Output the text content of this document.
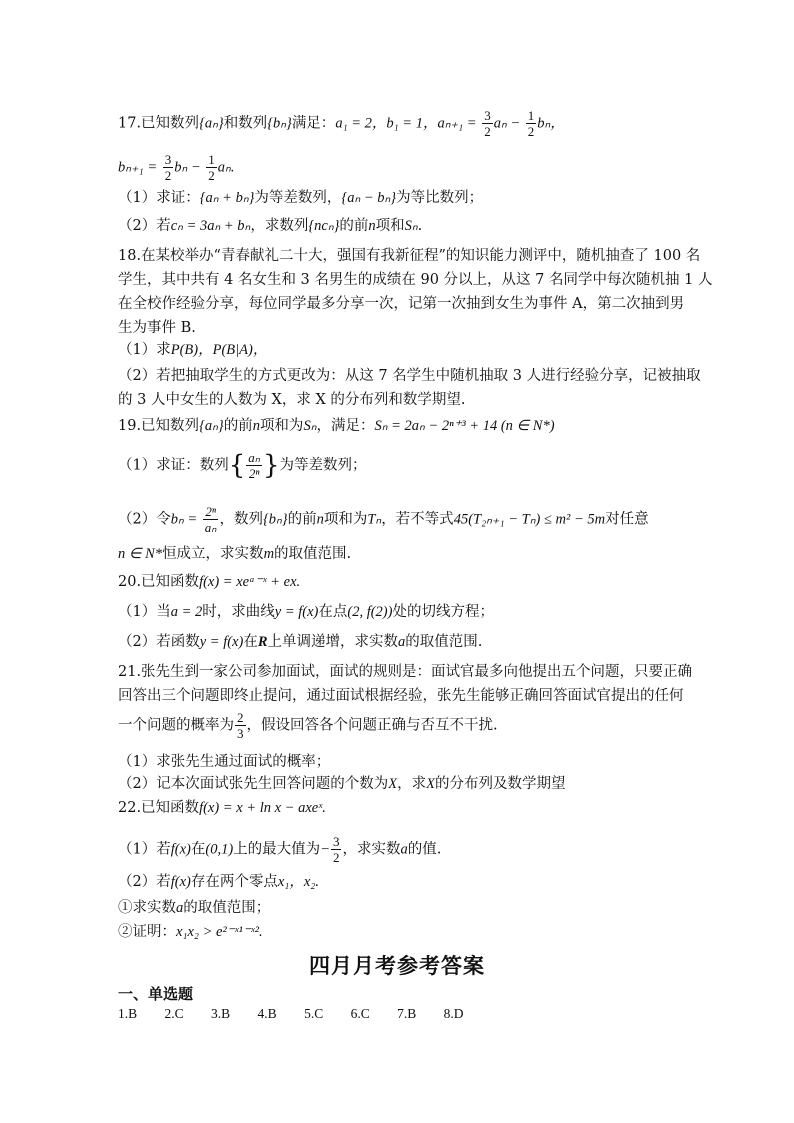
17.已知数列{aₙ}和数列{bₙ}满足：a₁ = 2，b₁ = 1，$a_{n+1} = \frac{3}{2}$ $a_n - \frac{1}{2}$ bₙ，
$b_{n+1} = \frac{3}{2}$ $b_n - \frac{1}{2} a_n$.
（1）求证：{aₙ + bₙ}为等差数列，{aₙ − bₙ}为等比数列；
（2）若cₙ = 3aₙ + bₙ，求数列{ncₙ}的前n项和Sₙ.
18.在某校举办“青春献礼二十大，强国有我新征程”的知识能力测评中，随机抽查了 100 名
学生，其中共有 4 名女生和 3 名男生的成绩在 90 分以上，从这 7 名同学中每次随机抽 1 人
在全校作经验分享，每位同学最多分享一次，记第一次抽到女生为事件 A，第二次抽到男
生为事件 B.
（1）求P(B)，P(B|A)，
（2）若把抽取学生的方式更改为：从这 7 名学生中随机抽取 3 人进行经验分享，记被抽取
的 3 人中女生的人数为 X，求 X 的分布列和数学期望.
19.已知数列{aₙ}的前n项和为Sₙ，满足：Sₙ = 2aₙ − 2ⁿ⁺³ + 14 (n ∈ N*)
（1）求证：数列{ $\frac{\text{aₙ}}{\text{2ⁿ}}$ }为等差数列；
（2）令$b_n = \frac{\text{2ⁿ}}{\text{aₙ}}$ ，数列{bₙ}的前n项和为Tₙ，若不等式45(T₂ₙ₊₁ − Tₙ) ≤ m² − 5m对任意
n ∈ N*恒成立，求实数m的取值范围.
20.已知函数f(x) = xeᵃ⁻ˣ + ex.
（1）当a = 2时，求曲线y = f(x)在点(2, f(2))处的切线方程；
（2）若函数y = f(x)在R上单调递增，求实数a的取值范围.
21.张先生到一家公司参加面试，面试的规则是：面试官最多向他提出五个问题，只要正确
回答出三个问题即终止提问，通过面试根据经验，张先生能够正确回答面试官提出的任何
一个问题的概率为 $\frac{2}{3}$ ，假设回答各个问题正确与否互不干扰.
（1）求张先生通过面试的概率；
（2）记本次面试张先生回答问题的个数为X，求X的分布列及数学期望
22.已知函数f(x) = x + ln x − axeˣ.
（1）若f(x)在(0,1)上的最大值为− $\frac{3}{2}$ ，求实数a的值.
（2）若f(x)存在两个零点x₁，x₂.
①求实数a的取值范围；
②证明：x₁x₂ > e²⁻ˣ¹⁻ˣ².
四月月考参考答案
一、单选题
1.B 2.C 3.B 4.B 5.C 6.C 7.B 8.D
